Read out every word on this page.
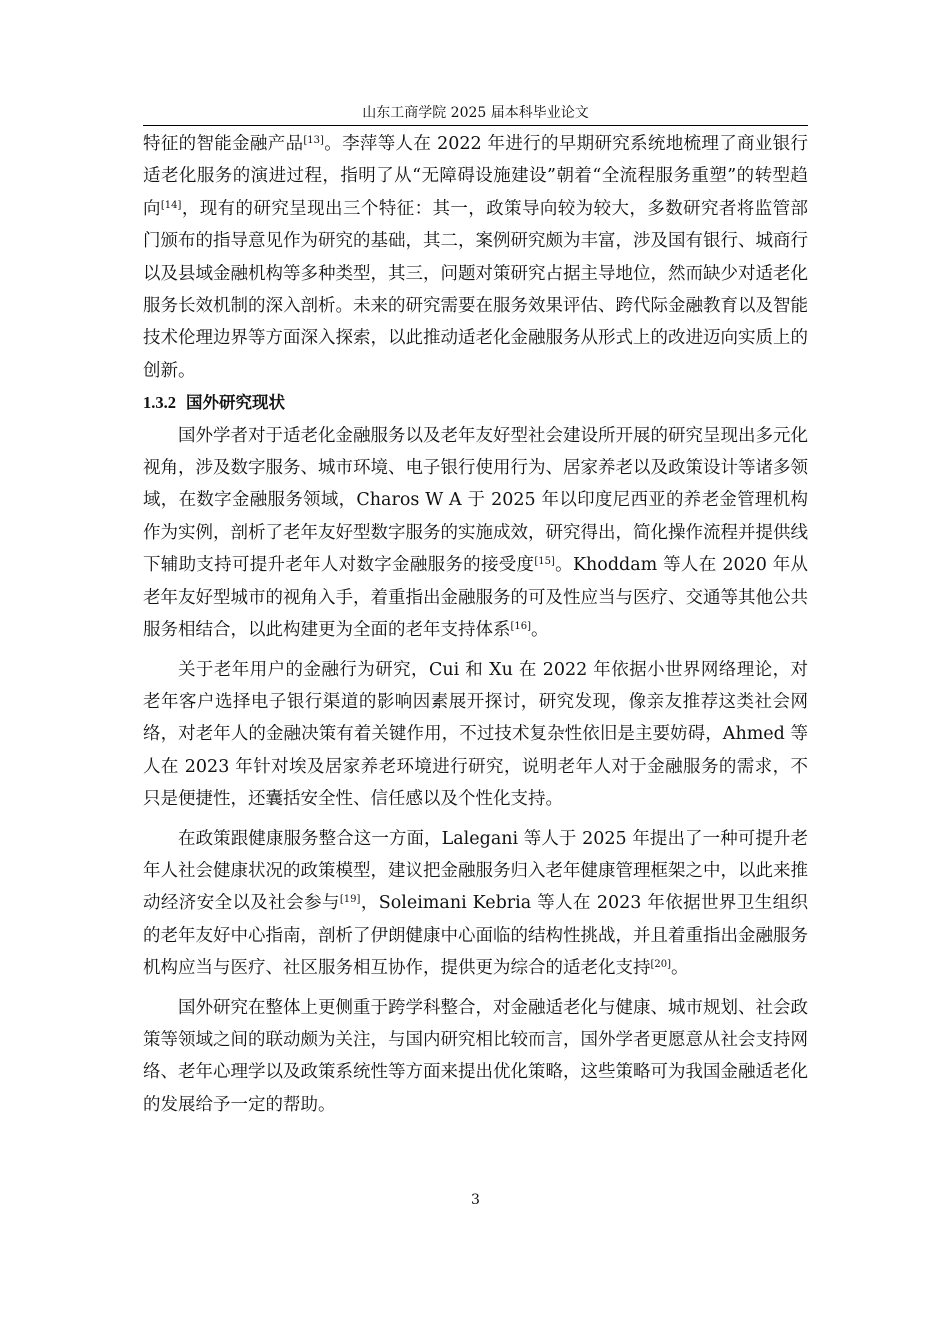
山东工商学院 2025 届本科毕业论文

特征的智能金融产品[13]。李萍等人在 2022 年进行的早期研究系统地梳理了商业银行适老化服务的演进过程，指明了从“无障碍设施建设”朝着“全流程服务重塑”的转型趋向[14]，现有的研究呈现出三个特征：其一，政策导向较为较大，多数研究者将监管部门颁布的指导意见作为研究的基础，其二，案例研究颇为丰富，涉及国有银行、城商行以及县域金融机构等多种类型，其三，问题对策研究占据主导地位，然而缺少对适老化服务长效机制的深入剖析。未来的研究需要在服务效果评估、跨代际金融教育以及智能技术伦理边界等方面深入探索，以此推动适老化金融服务从形式上的改进迈向实质上的创新。

1.3.2 国外研究现状

国外学者对于适老化金融服务以及老年友好型社会建设所开展的研究呈现出多元化视角，涉及数字服务、城市环境、电子银行使用行为、居家养老以及政策设计等诸多领域，在数字金融服务领域，Charos W A 于 2025 年以印度尼西亚的养老金管理机构作为实例，剖析了老年友好型数字服务的实施成效，研究得出，简化操作流程并提供线下辅助支持可提升老年人对数字金融服务的接受度[15]。Khoddam 等人在 2020 年从老年友好型城市的视角入手，着重指出金融服务的可及性应当与医疗、交通等其他公共服务相结合，以此构建更为全面的老年支持体系[16]。

关于老年用户的金融行为研究，Cui 和 Xu 在 2022 年依据小世界网络理论，对老年客户选择电子银行渠道的影响因素展开探讨，研究发现，像亲友推荐这类社会网络，对老年人的金融决策有着关键作用，不过技术复杂性依旧是主要妨碍，Ahmed 等人在 2023 年针对埃及居家养老环境进行研究，说明老年人对于金融服务的需求，不只是便捷性，还囊括安全性、信任感以及个性化支持。

在政策跟健康服务整合这一方面，Lalegani 等人于 2025 年提出了一种可提升老年人社会健康状况的政策模型，建议把金融服务归入老年健康管理框架之中，以此来推动经济安全以及社会参与[19]，Soleimani Kebria 等人在 2023 年依据世界卫生组织的老年友好中心指南，剖析了伊朗健康中心面临的结构性挑战，并且着重指出金融服务机构应当与医疗、社区服务相互协作，提供更为综合的适老化支持[20]。

国外研究在整体上更侧重于跨学科整合，对金融适老化与健康、城市规划、社会政策等领域之间的联动颇为关注，与国内研究相比较而言，国外学者更愿意从社会支持网络、老年心理学以及政策系统性等方面来提出优化策略，这些策略可为我国金融适老化的发展给予一定的帮助。

3
